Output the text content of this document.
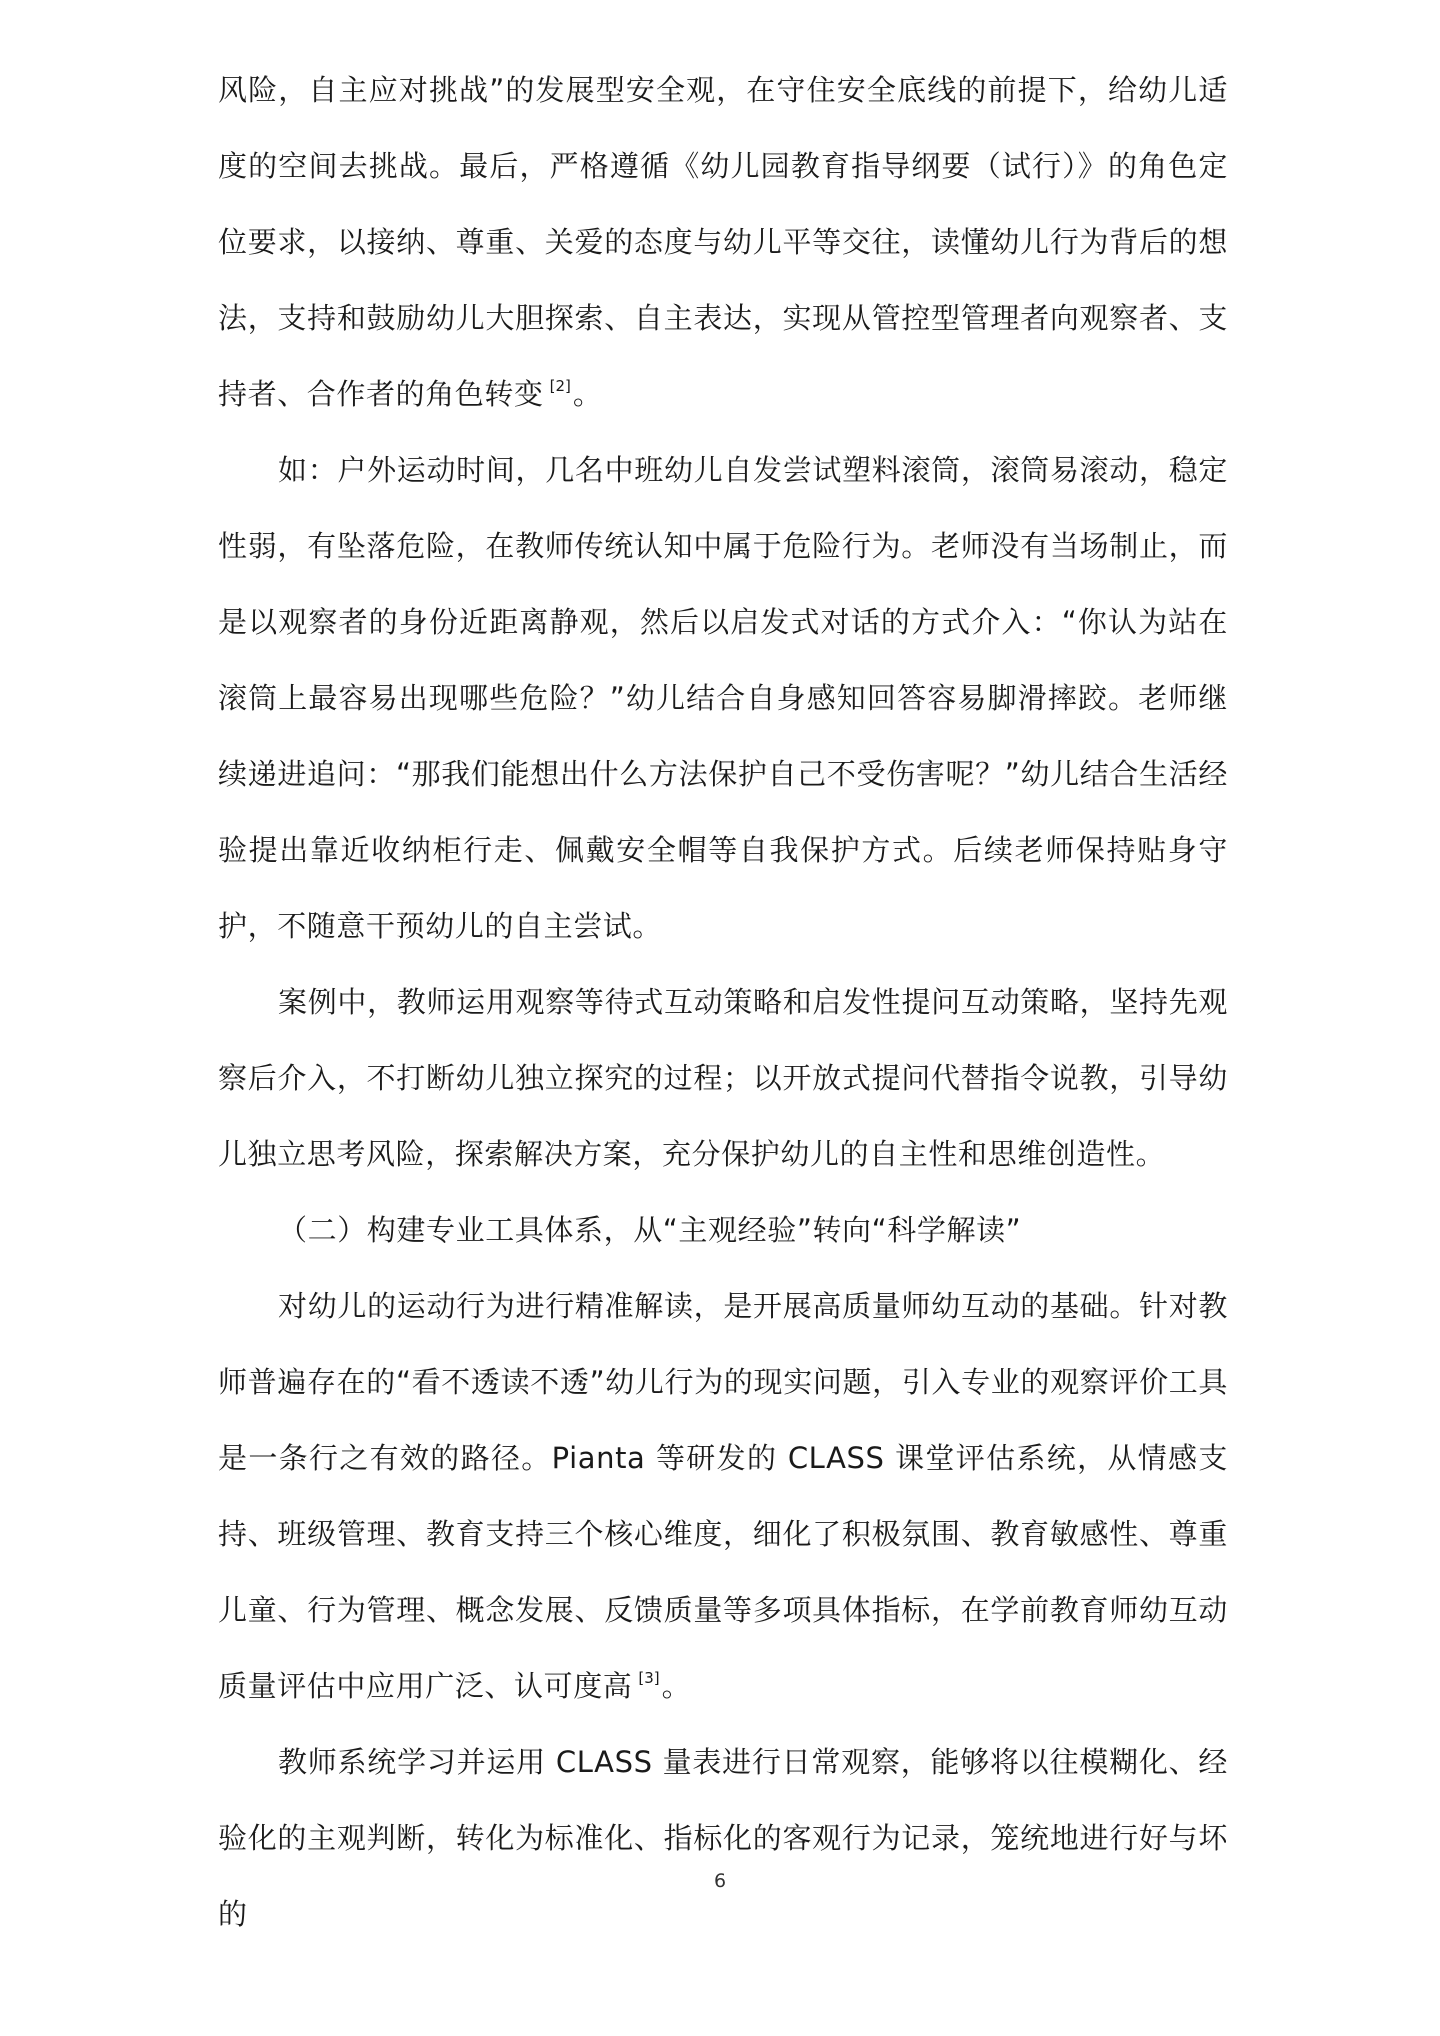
风险，自主应对挑战”的发展型安全观，在守住安全底线的前提下，给幼儿适度的空间去挑战。最后，严格遵循《幼儿园教育指导纲要（试行）》的角色定位要求，以接纳、尊重、关爱的态度与幼儿平等交往，读懂幼儿行为背后的想法，支持和鼓励幼儿大胆探索、自主表达，实现从管控型管理者向观察者、支持者、合作者的角色转变 [2]。

如：户外运动时间，几名中班幼儿自发尝试塑料滚筒，滚筒易滚动，稳定性弱，有坠落危险，在教师传统认知中属于危险行为。老师没有当场制止，而是以观察者的身份近距离静观，然后以启发式对话的方式介入：“你认为站在滚筒上最容易出现哪些危险？”幼儿结合自身感知回答容易脚滑摔跤。老师继续递进追问：“那我们能想出什么方法保护自己不受伤害呢？”幼儿结合生活经验提出靠近收纳柜行走、佩戴安全帽等自我保护方式。后续老师保持贴身守护，不随意干预幼儿的自主尝试。

案例中，教师运用观察等待式互动策略和启发性提问互动策略，坚持先观察后介入，不打断幼儿独立探究的过程；以开放式提问代替指令说教，引导幼儿独立思考风险，探索解决方案，充分保护幼儿的自主性和思维创造性。

（二）构建专业工具体系，从“主观经验”转向“科学解读”

对幼儿的运动行为进行精准解读，是开展高质量师幼互动的基础。针对教师普遍存在的“看不透读不透”幼儿行为的现实问题，引入专业的观察评价工具是一条行之有效的路径。Pianta 等研发的 CLASS 课堂评估系统，从情感支持、班级管理、教育支持三个核心维度，细化了积极氛围、教育敏感性、尊重儿童、行为管理、概念发展、反馈质量等多项具体指标，在学前教育师幼互动质量评估中应用广泛、认可度高 [3]。

教师系统学习并运用 CLASS 量表进行日常观察，能够将以往模糊化、经验化的主观判断，转化为标准化、指标化的客观行为记录，笼统地进行好与坏的

6
